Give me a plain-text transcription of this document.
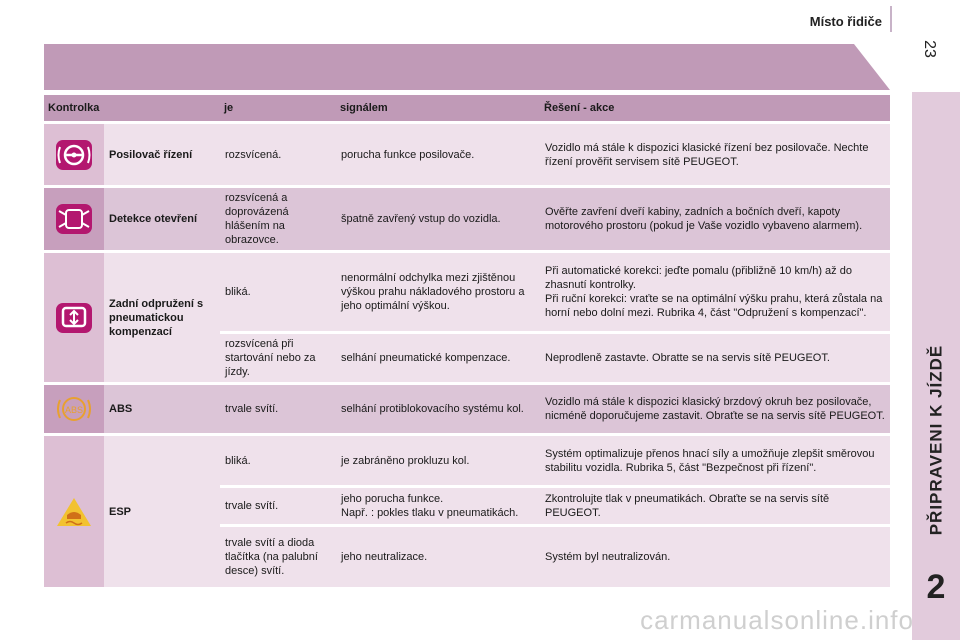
Místo řidiče
23
PŘIPRAVENI K JÍZDĚ
2
Kontrolka		je	signálem	Řešení - akce

	Posilovač řízení	rozsvícená.	porucha funkce posilovače.	Vozidlo má stále k dispozici klasické řízení bez posilovače. Nechte řízení prověřit servisem sítě PEUGEOT.

	Detekce otevření	rozsvícená a doprovázená hlášením na obrazovce.	špatně zavřený vstup do vozidla.	Ověřte zavření dveří kabiny, zadních a bočních dveří, kapoty motorového prostoru (pokud je Vaše vozidlo vybaveno alarmem).

	Zadní odpružení s pneumatickou kompenzací	bliká.	nenormální odchylka mezi zjištěnou výškou prahu nákladového prostoru a jeho optimální výškou.	Při automatické korekci: jeďte pomalu (přibližně 10 km/h) až do zhasnutí kontrolky.
Při ruční korekci: vraťte se na optimální výšku prahu, která zůstala na horní nebo dolní mezi. Rubrika 4, část "Odpružení s kompenzací".
		rozsvícená při startování nebo za jízdy.	selhání pneumatické kompenzace.	Neprodleně zastavte. Obratte se na servis sítě PEUGEOT.

ABS	ABS	trvale svítí.	selhání protiblokovacího systému kol.	Vozidlo má stále k dispozici klasický brzdový okruh bez posilovače, nicméně doporučujeme zastavit. Obraťte se na servis sítě PEUGEOT.

	ESP	bliká.	je zabráněno prokluzu kol.	Systém optimalizuje přenos hnací síly a umožňuje zlepšit směrovou stabilitu vozidla. Rubrika 5, část "Bezpečnost při řízení".
		trvale svítí.	jeho porucha funkce.
Např. : pokles tlaku v pneumatikách.	Zkontrolujte tlak v pneumatikách. Obraťte se na servis sítě PEUGEOT.
		trvale svítí a dioda tlačítka (na palubní desce) svítí.	jeho neutralizace.	Systém byl neutralizován.
carmanualsonline.info
